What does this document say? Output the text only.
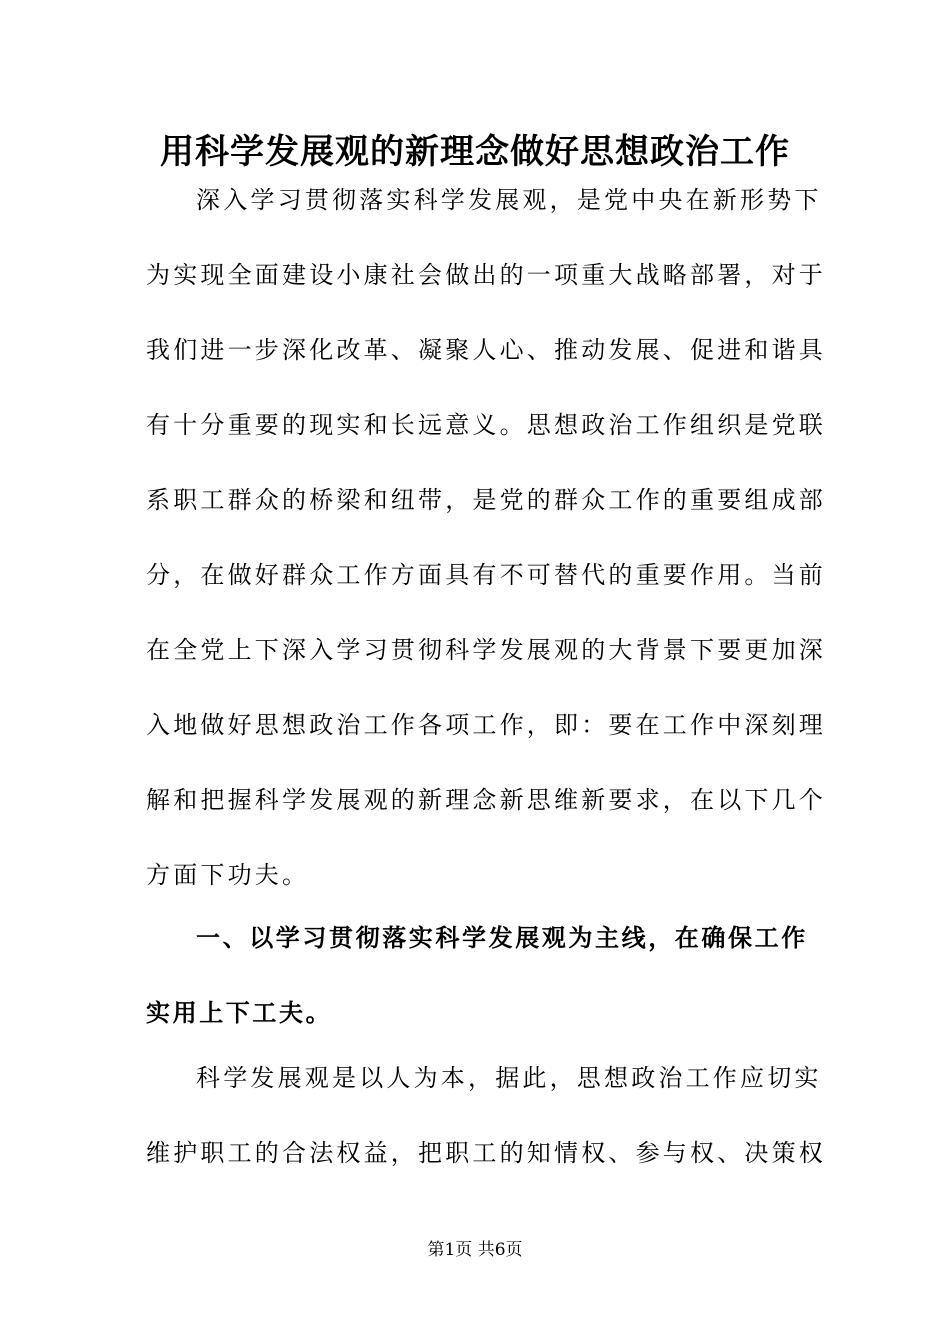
用科学发展观的新理念做好思想政治工作

深入学习贯彻落实科学发展观，是党中央在新形势下

为实现全面建设小康社会做出的一项重大战略部署，对于

我们进一步深化改革、凝聚人心、推动发展、促进和谐具

有十分重要的现实和长远意义。思想政治工作组织是党联

系职工群众的桥梁和纽带，是党的群众工作的重要组成部

分，在做好群众工作方面具有不可替代的重要作用。当前

在全党上下深入学习贯彻科学发展观的大背景下要更加深

入地做好思想政治工作各项工作，即：要在工作中深刻理

解和把握科学发展观的新理念新思维新要求，在以下几个

方面下功夫。

一、以学习贯彻落实科学发展观为主线，在确保工作

实用上下工夫。

科学发展观是以人为本，据此，思想政治工作应切实

维护职工的合法权益，把职工的知情权、参与权、决策权

第1页 共6页
